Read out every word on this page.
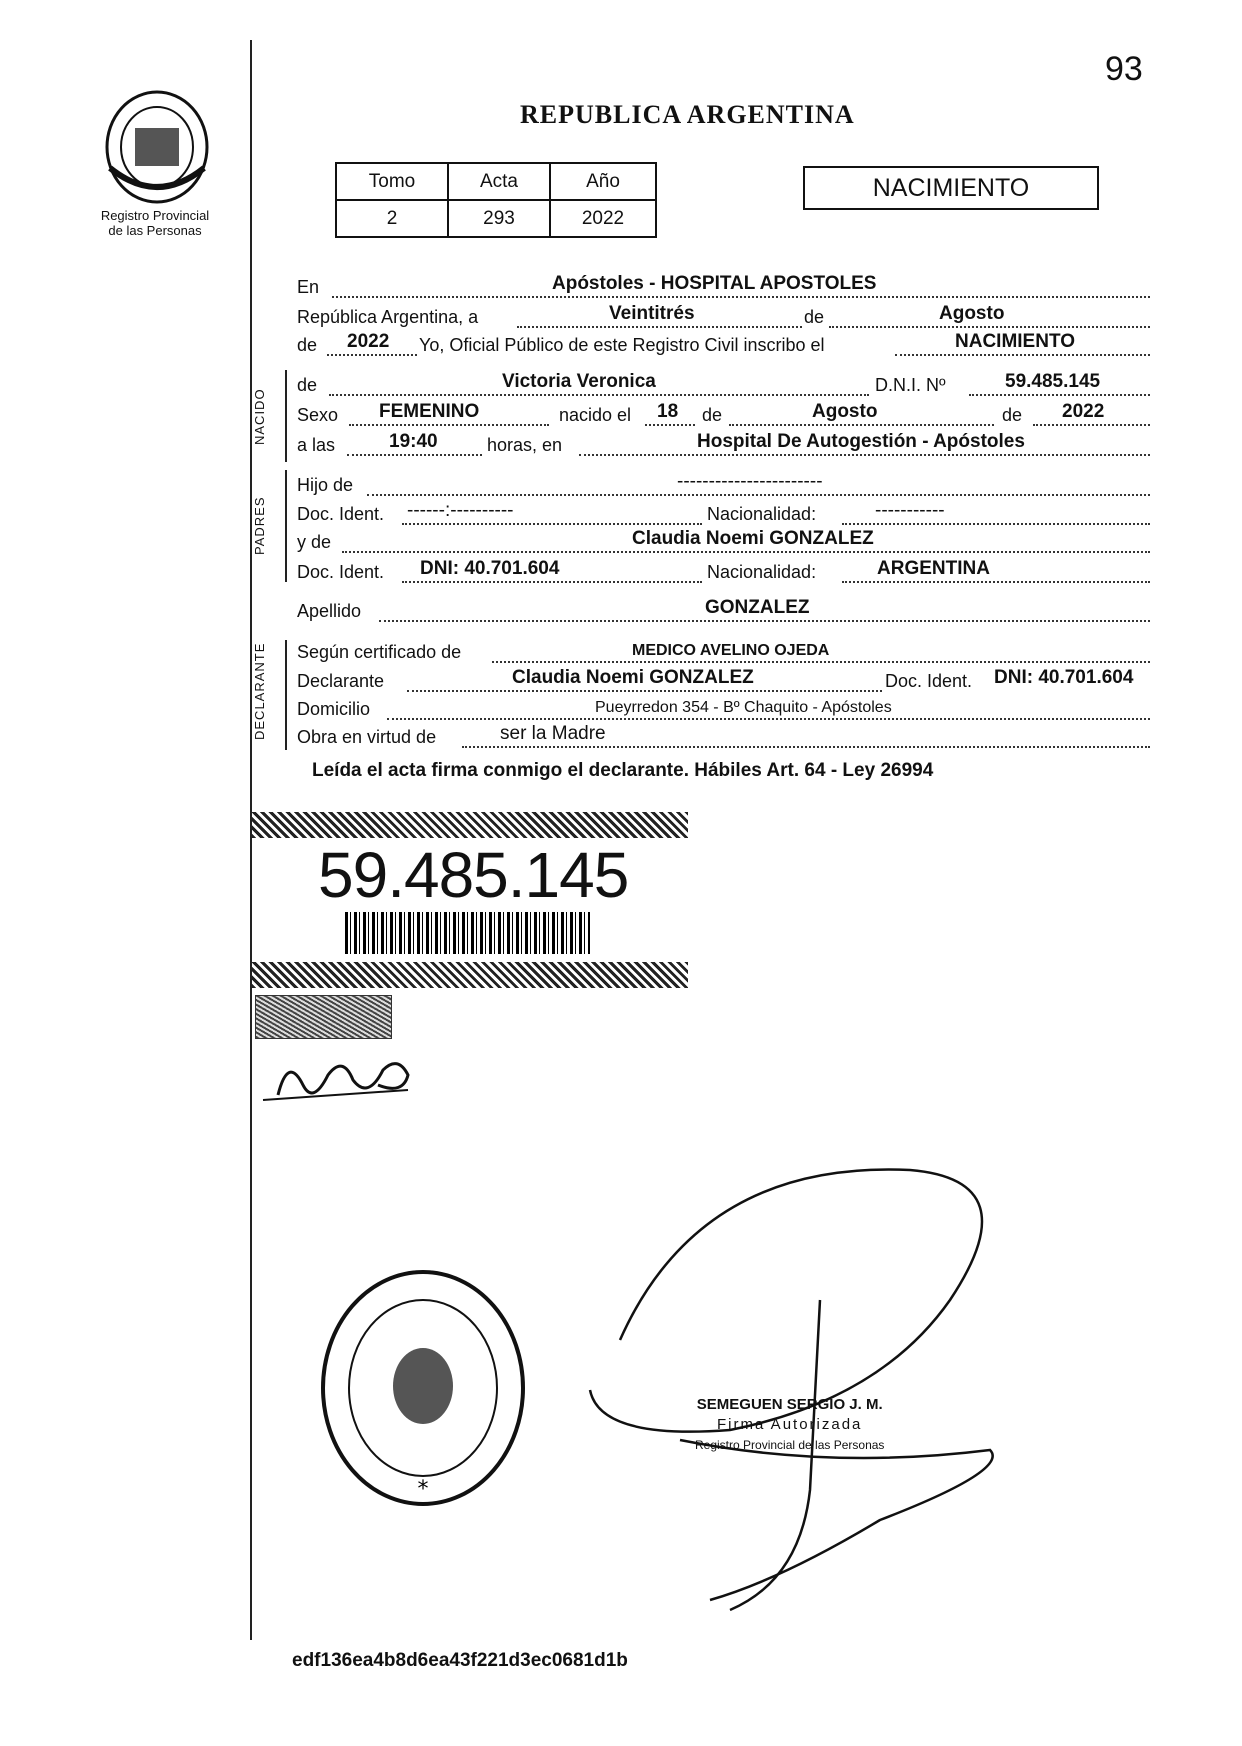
Registro Provincial
de las Personas
REPUBLICA ARGENTINA
93
Tomo	Acta	Año
2	293	2022
NACIMIENTO
En	Apóstoles - HOSPITAL APOSTOLES
República Argentina, a	Veintitrés	de	Agosto
de 2022 Yo, Oficial Público de este Registro Civil inscribo el	NACIMIENTO
NACIDO
de	Victoria Veronica	D.N.I. Nº	59.485.145
Sexo FEMENINO	nacido el 18 de	Agosto	de 2022
a las	19:40	horas, en	Hospital De Autogestión - Apóstoles
PADRES
Hijo de	-----------------------
Doc. Ident. ------:----------	Nacionalidad:	-----------
y de	Claudia Noemi GONZALEZ
Doc. Ident. DNI: 40.701.604	Nacionalidad:	ARGENTINA
Apellido	GONZALEZ
DECLARANTE Según certificado de	MEDICO AVELINO OJEDA
Declarante	Claudia Noemi GONZALEZ	Doc. Ident. DNI: 40.701.604
Domicilio	Pueyrredon 354 - Bº Chaquito - Apóstoles
Obra en virtud de	ser la Madre
Leída el acta firma conmigo el declarante. Hábiles Art. 64 - Ley 26994
59.485.145
*
SEMEGUEN SERGIO J. M.
Firma Autorizada
Registro Provincial de las Personas
edf136ea4b8d6ea43f221d3ec0681d1b
